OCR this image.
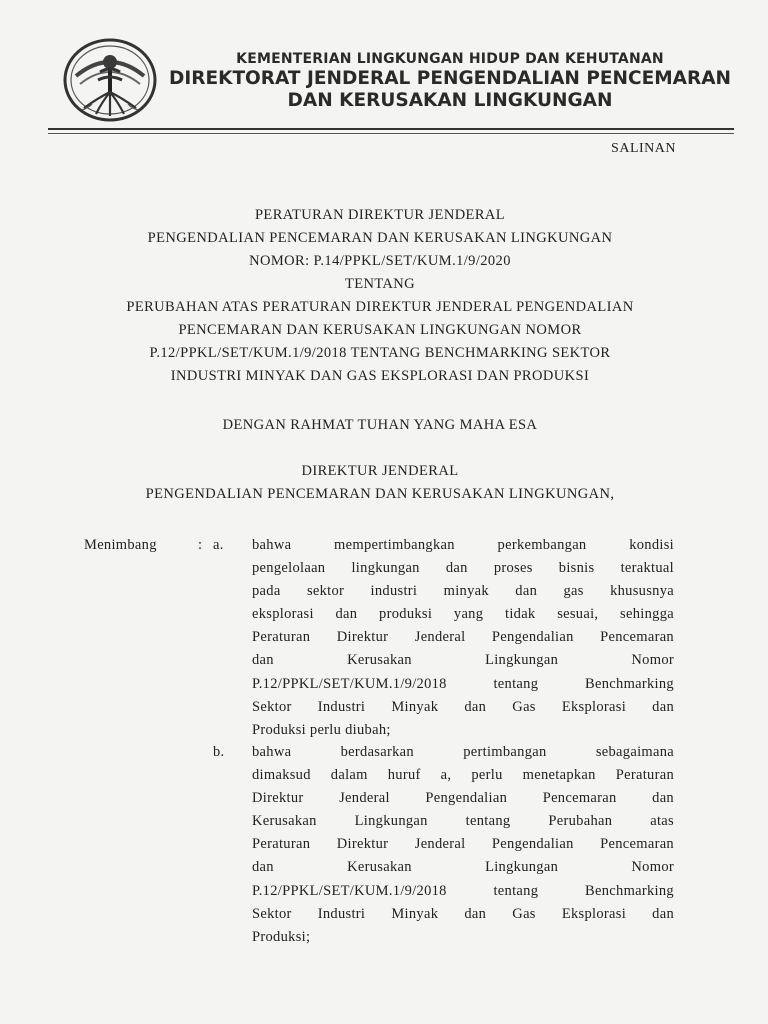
KEMENTERIAN LINGKUNGAN HIDUP DAN KEHUTANAN
DIREKTORAT JENDERAL PENGENDALIAN PENCEMARAN
DAN KERUSAKAN LINGKUNGAN
SALINAN
PERATURAN DIREKTUR JENDERAL
PENGENDALIAN PENCEMARAN DAN KERUSAKAN LINGKUNGAN
NOMOR: P.14/PPKL/SET/KUM.1/9/2020
TENTANG
PERUBAHAN ATAS PERATURAN DIREKTUR JENDERAL PENGENDALIAN
PENCEMARAN DAN KERUSAKAN LINGKUNGAN NOMOR
P.12/PPKL/SET/KUM.1/9/2018 TENTANG BENCHMARKING SEKTOR
INDUSTRI MINYAK DAN GAS EKSPLORASI DAN PRODUKSI
DENGAN RAHMAT TUHAN YANG MAHA ESA
DIREKTUR JENDERAL
PENGENDALIAN PENCEMARAN DAN KERUSAKAN LINGKUNGAN,
Menimbang	: a. bahwa mempertimbangkan perkembangan kondisi
pengelolaan lingkungan dan proses bisnis teraktual
pada sektor industri minyak dan gas khususnya
eksplorasi dan produksi yang tidak sesuai, sehingga
Peraturan Direktur Jenderal Pengendalian Pencemaran
dan Kerusakan Lingkungan Nomor
P.12/PPKL/SET/KUM.1/9/2018 tentang Benchmarking
Sektor Industri Minyak dan Gas Eksplorasi dan
Produksi perlu diubah;
b. bahwa berdasarkan pertimbangan sebagaimana
dimaksud dalam huruf a, perlu menetapkan Peraturan
Direktur Jenderal Pengendalian Pencemaran dan
Kerusakan Lingkungan tentang Perubahan atas
Peraturan Direktur Jenderal Pengendalian Pencemaran
dan Kerusakan Lingkungan Nomor
P.12/PPKL/SET/KUM.1/9/2018 tentang Benchmarking
Sektor Industri Minyak dan Gas Eksplorasi dan
Produksi;
